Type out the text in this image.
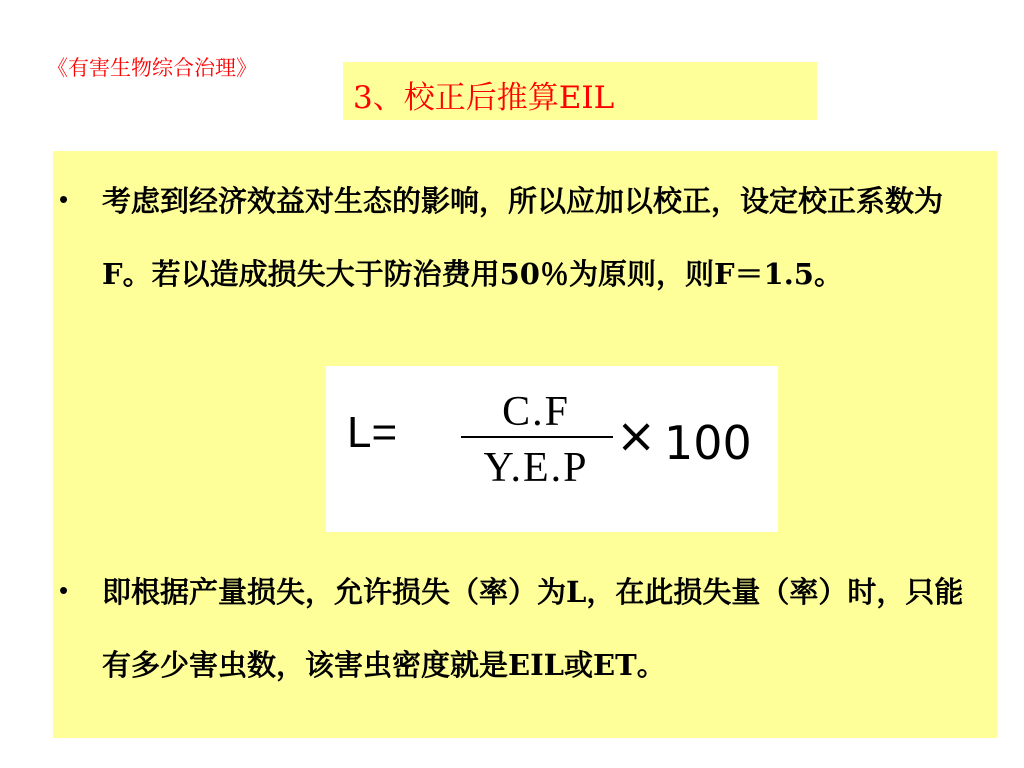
《有害生物综合治理》
3、校正后推算EIL
• 考虑到经济效益对生态的影响，所以应加以校正，设定校正系数为F。若以造成损失大于防治费用50％为原则，则F＝1.5。

L=	C.F
Y.E.P
× 100
• 即根据产量损失，允许损失（率）为L，在此损失量（率）时，只能有多少害虫数，该害虫密度就是EIL或ET。
